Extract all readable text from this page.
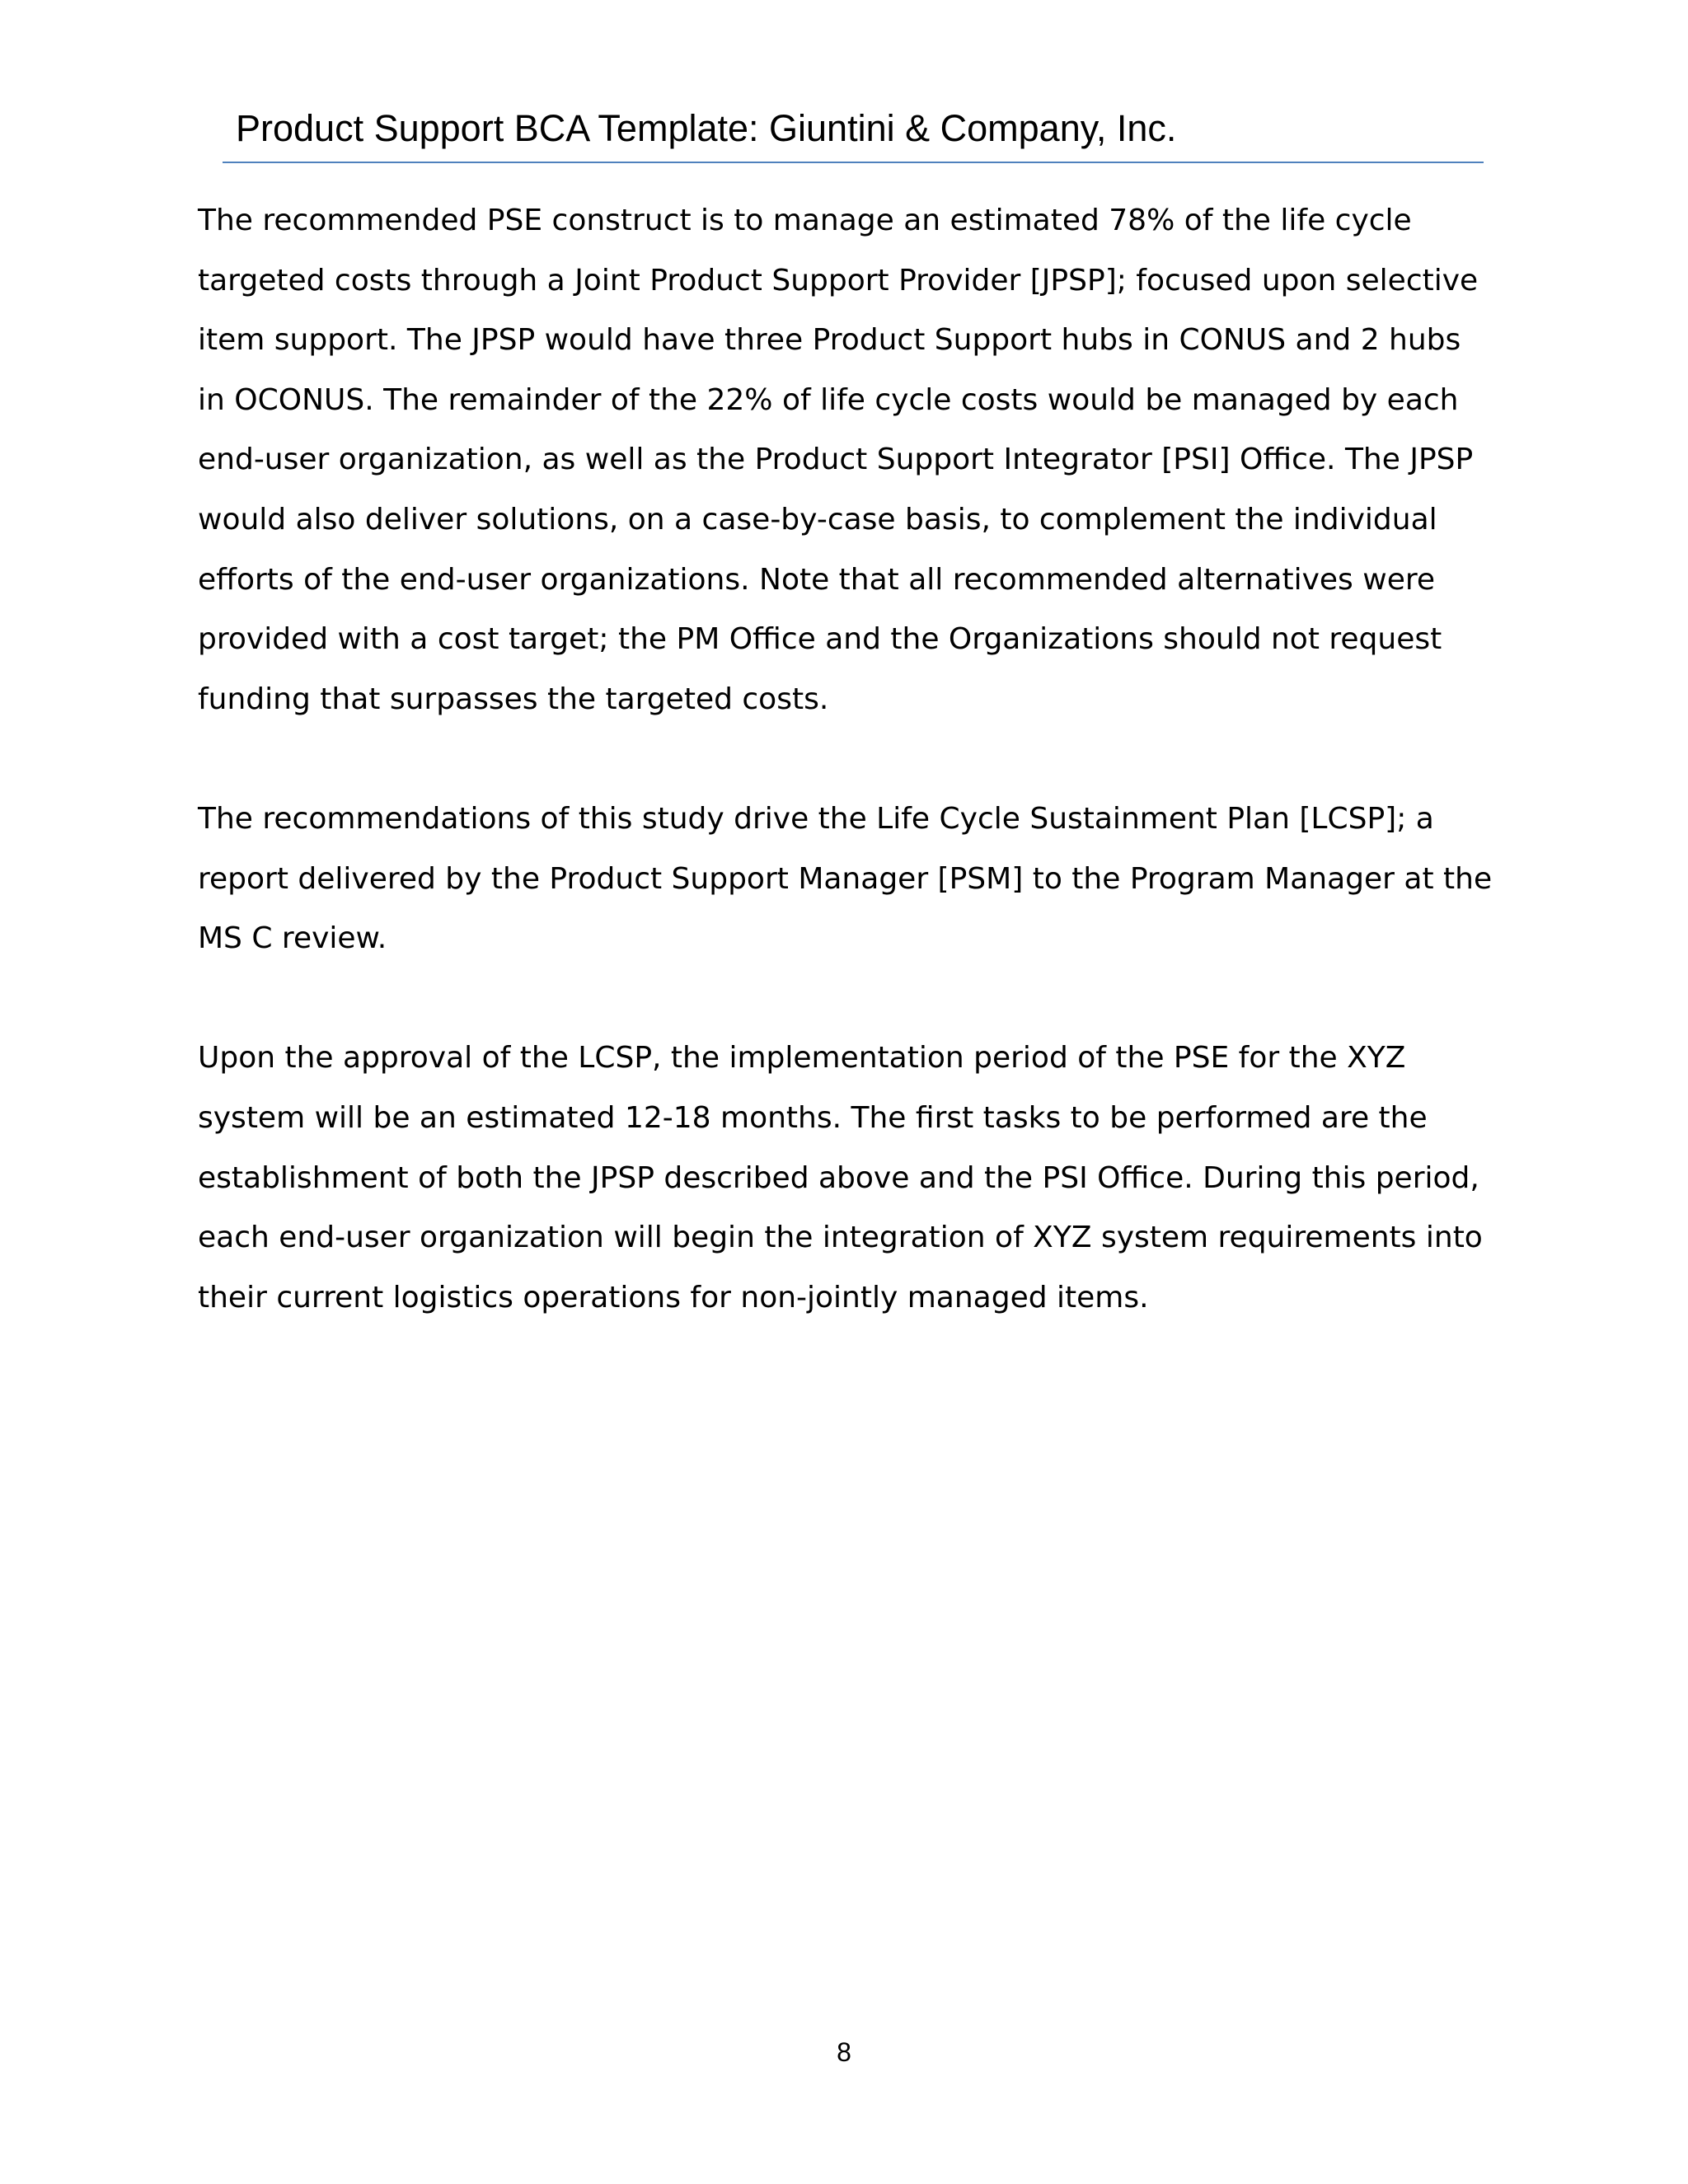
Product Support BCA Template: Giuntini & Company, Inc.

The recommended PSE construct is to manage an estimated 78% of the life cycle
targeted costs through a Joint Product Support Provider [JPSP]; focused upon selective
item support. The JPSP would have three Product Support hubs in CONUS and 2 hubs
in OCONUS. The remainder of the 22% of life cycle costs would be managed by each
end-user organization, as well as the Product Support Integrator [PSI] Office. The JPSP
would also deliver solutions, on a case-by-case basis, to complement the individual
efforts of the end-user organizations. Note that all recommended alternatives were
provided with a cost target; the PM Office and the Organizations should not request
funding that surpasses the targeted costs.

The recommendations of this study drive the Life Cycle Sustainment Plan [LCSP]; a
report delivered by the Product Support Manager [PSM] to the Program Manager at the
MS C review.

Upon the approval of the LCSP, the implementation period of the PSE for the XYZ
system will be an estimated 12-18 months. The first tasks to be performed are the
establishment of both the JPSP described above and the PSI Office. During this period,
each end-user organization will begin the integration of XYZ system requirements into
their current logistics operations for non-jointly managed items.

8
